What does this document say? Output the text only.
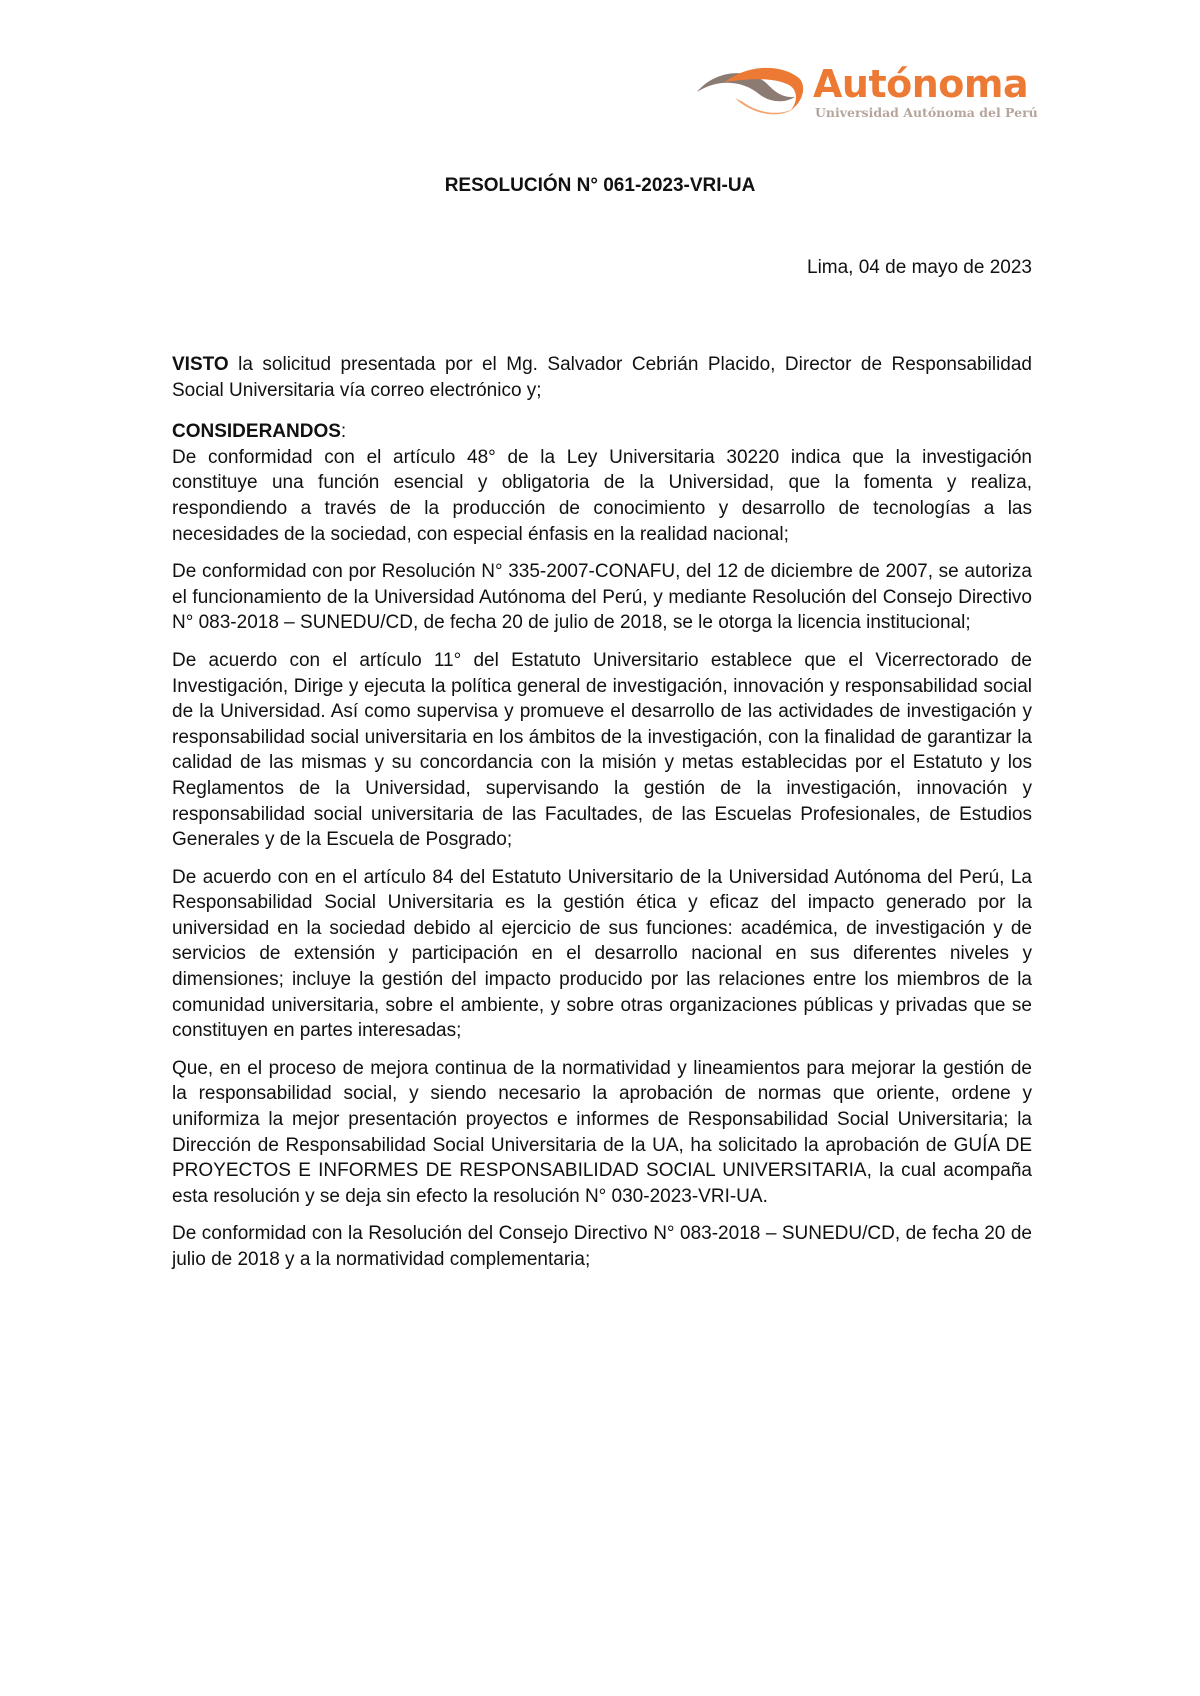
Autónoma
Universidad Autónoma del Perú
RESOLUCIÓN N° 061-2023-VRI-UA
Lima, 04 de mayo de 2023

VISTO la solicitud presentada por el Mg. Salvador Cebrián Placido, Director de Responsabilidad Social Universitaria vía correo electrónico y;

CONSIDERANDOS:

De conformidad con el artículo 48° de la Ley Universitaria 30220 indica que la investigación constituye una función esencial y obligatoria de la Universidad, que la fomenta y realiza, respondiendo a través de la producción de conocimiento y desarrollo de tecnologías a las necesidades de la sociedad, con especial énfasis en la realidad nacional;

De conformidad con por Resolución N° 335-2007-CONAFU, del 12 de diciembre de 2007, se autoriza el funcionamiento de la Universidad Autónoma del Perú, y mediante Resolución del Consejo Directivo N° 083-2018 – SUNEDU/CD, de fecha 20 de julio de 2018, se le otorga la licencia institucional;

De acuerdo con el artículo 11° del Estatuto Universitario establece que el Vicerrectorado de Investigación, Dirige y ejecuta la política general de investigación, innovación y responsabilidad social de la Universidad. Así como supervisa y promueve el desarrollo de las actividades de investigación y responsabilidad social universitaria en los ámbitos de la investigación, con la finalidad de garantizar la calidad de las mismas y su concordancia con la misión y metas establecidas por el Estatuto y los Reglamentos de la Universidad, supervisando la gestión de la investigación, innovación y responsabilidad social universitaria de las Facultades, de las Escuelas Profesionales, de Estudios Generales y de la Escuela de Posgrado;

De acuerdo con en el artículo 84 del Estatuto Universitario de la Universidad Autónoma del Perú, La Responsabilidad Social Universitaria es la gestión ética y eficaz del impacto generado por la universidad en la sociedad debido al ejercicio de sus funciones: académica, de investigación y de servicios de extensión y participación en el desarrollo nacional en sus diferentes niveles y dimensiones; incluye la gestión del impacto producido por las relaciones entre los miembros de la comunidad universitaria, sobre el ambiente, y sobre otras organizaciones públicas y privadas que se constituyen en partes interesadas;

Que, en el proceso de mejora continua de la normatividad y lineamientos para mejorar la gestión de la responsabilidad social, y siendo necesario la aprobación de normas que oriente, ordene y uniformiza la mejor presentación proyectos e informes de Responsabilidad Social Universitaria; la Dirección de Responsabilidad Social Universitaria de la UA, ha solicitado la aprobación de GUÍA DE PROYECTOS E INFORMES DE RESPONSABILIDAD SOCIAL UNIVERSITARIA, la cual acompaña esta resolución y se deja sin efecto la resolución N° 030-2023-VRI-UA.

De conformidad con la Resolución del Consejo Directivo N° 083-2018 – SUNEDU/CD, de fecha 20 de julio de 2018 y a la normatividad complementaria;
